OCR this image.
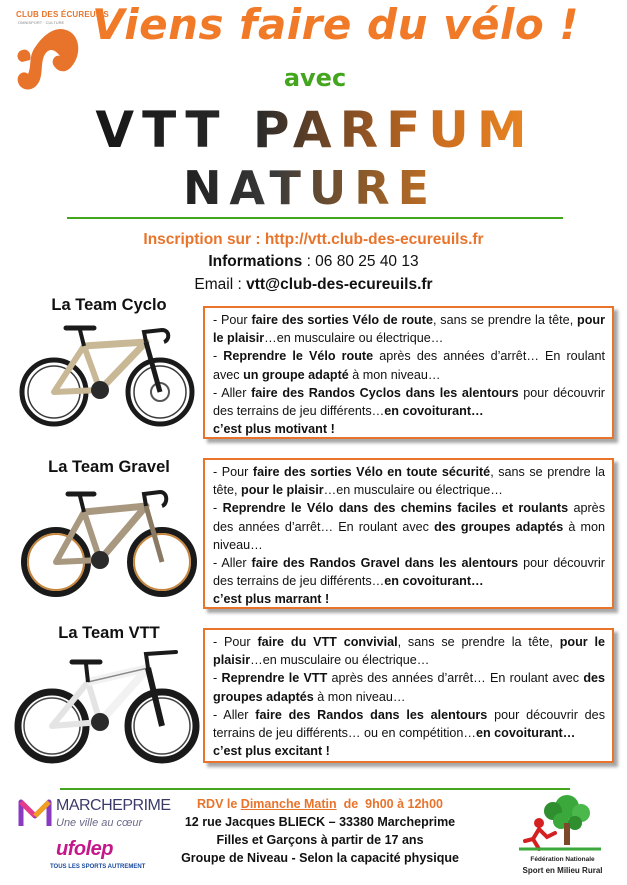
CLUB DES ÉCUREUILS
OMNISPORT · CULTURE Viens faire du vélo !
avec
VTT PARFUM
NATURE
Inscription sur : http://vtt.club-des-ecureuils.fr
Informations : 06 80 25 40 13
Email : vtt@club-des-ecureuils.fr
La Team Cyclo

- Pour faire des sorties Vélo de route, sans se prendre la tête, pour le plaisir…en musculaire ou électrique…

- Reprendre le Vélo route après des années d’arrêt… En roulant avec un groupe adapté à mon niveau…

- Aller faire des Randos Cyclos dans les alentours pour découvrir des terrains de jeu différents…en covoiturant…

c’est plus motivant !

La Team Gravel	- Pour faire des sorties Vélo en toute sécurité, sans se prendre la tête, pour le plaisir…en musculaire ou électrique…

- Reprendre le Vélo dans des chemins faciles et roulants après des années d’arrêt… En roulant avec des groupes adaptés à mon niveau…

- Aller faire des Randos Gravel dans les alentours pour découvrir des terrains de jeu différents…en covoiturant…

c’est plus marrant !

La Team VTT	- Pour faire du VTT convivial, sans se prendre la tête, pour le plaisir…en musculaire ou électrique…

- Reprendre le VTT après des années d’arrêt… En roulant avec des groupes adaptés à mon niveau…

- Aller faire des Randos dans les alentours pour découvrir des terrains de jeu différents… ou en compétition…en covoiturant…

c’est plus excitant !

RDV le Dimanche Matin  de  9h00 à 12h00
12 rue Jacques BLIECK – 33380 Marcheprime
Filles et Garçons à partir de 17 ans
Groupe de Niveau - Selon la capacité physique
MARCHEPRIME
Une ville au cœur
ufolep
TOUS LES SPORTS AUTREMENT
Fédération Nationale
Sport en Milieu Rural
